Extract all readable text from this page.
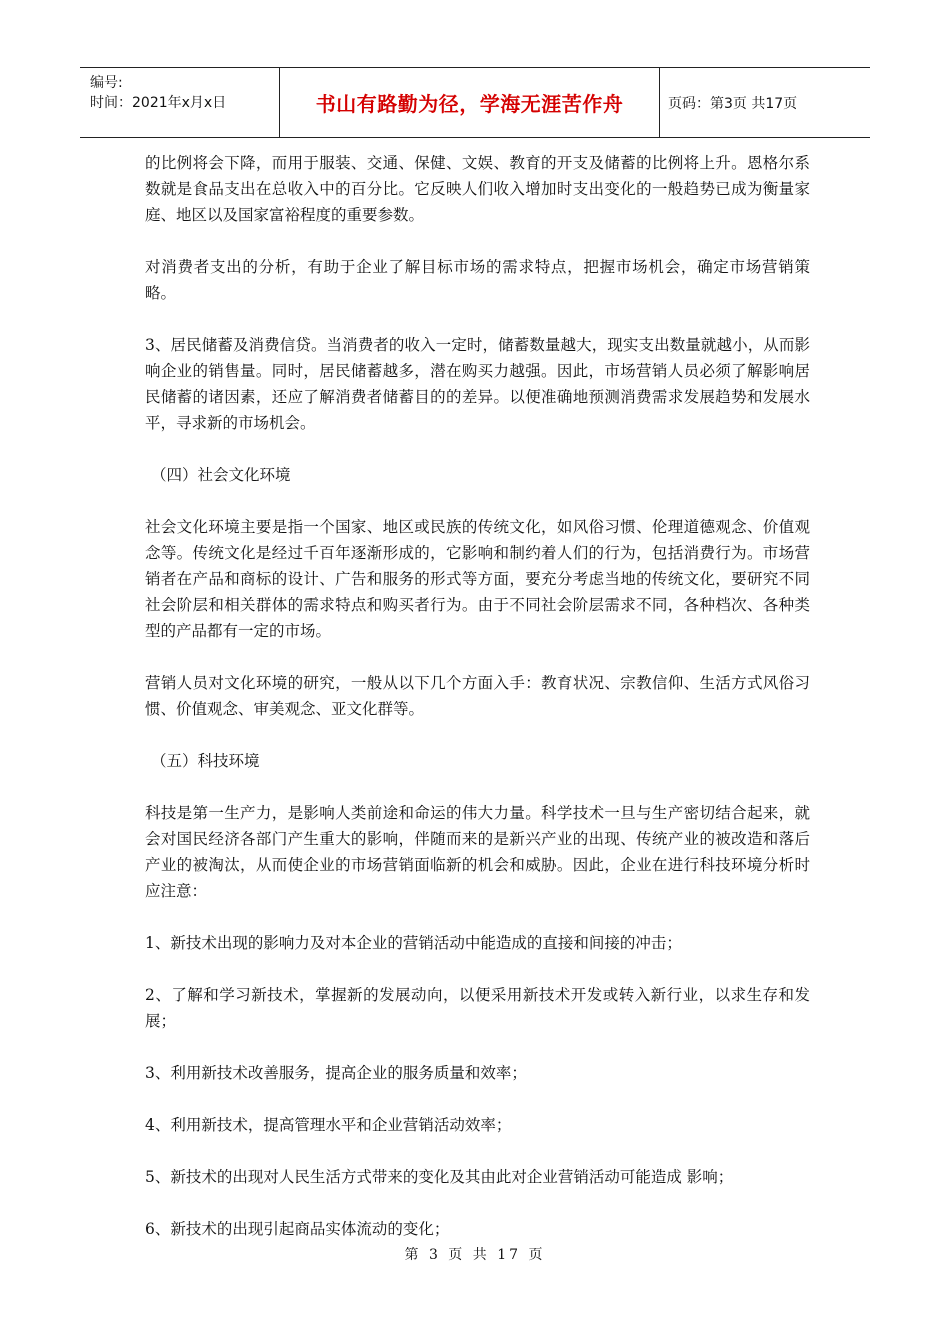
编号:
时间：2021年x月x日	书山有路勤为径，学海无涯苦作舟	页码：第3页 共17页

的比例将会下降，而用于服装、交通、保健、文娱、教育的开支及储蓄的比例将上升。恩格尔系数就是食品支出在总收入中的百分比。它反映人们收入增加时支出变化的一般趋势已成为衡量家庭、地区以及国家富裕程度的重要参数。

对消费者支出的分析，有助于企业了解目标市场的需求特点，把握市场机会，确定市场营销策略。

3、居民储蓄及消费信贷。当消费者的收入一定时，储蓄数量越大，现实支出数量就越小，从而影响企业的销售量。同时，居民储蓄越多，潜在购买力越强。因此，市场营销人员必须了解影响居民储蓄的诸因素，还应了解消费者储蓄目的的差异。以便准确地预测消费需求发展趋势和发展水平，寻求新的市场机会。

（四）社会文化环境

社会文化环境主要是指一个国家、地区或民族的传统文化，如风俗习惯、伦理道德观念、价值观念等。传统文化是经过千百年逐渐形成的，它影响和制约着人们的行为，包括消费行为。市场营销者在产品和商标的设计、广告和服务的形式等方面，要充分考虑当地的传统文化，要研究不同社会阶层和相关群体的需求特点和购买者行为。由于不同社会阶层需求不同，各种档次、各种类型的产品都有一定的市场。

营销人员对文化环境的研究，一般从以下几个方面入手：教育状况、宗教信仰、生活方式风俗习惯、价值观念、审美观念、亚文化群等。

（五）科技环境

科技是第一生产力，是影响人类前途和命运的伟大力量。科学技术一旦与生产密切结合起来，就会对国民经济各部门产生重大的影响，伴随而来的是新兴产业的出现、传统产业的被改造和落后产业的被淘汰，从而使企业的市场营销面临新的机会和威胁。因此，企业在进行科技环境分析时应注意：

1、新技术出现的影响力及对本企业的营销活动中能造成的直接和间接的冲击；

2、了解和学习新技术，掌握新的发展动向，以便采用新技术开发或转入新行业，以求生存和发展；

3、利用新技术改善服务，提高企业的服务质量和效率；

4、利用新技术，提高管理水平和企业营销活动效率；

5、新技术的出现对人民生活方式带来的变化及其由此对企业营销活动可能造成 影响；

6、新技术的出现引起商品实体流动的变化；

第 3 页 共 17 页
